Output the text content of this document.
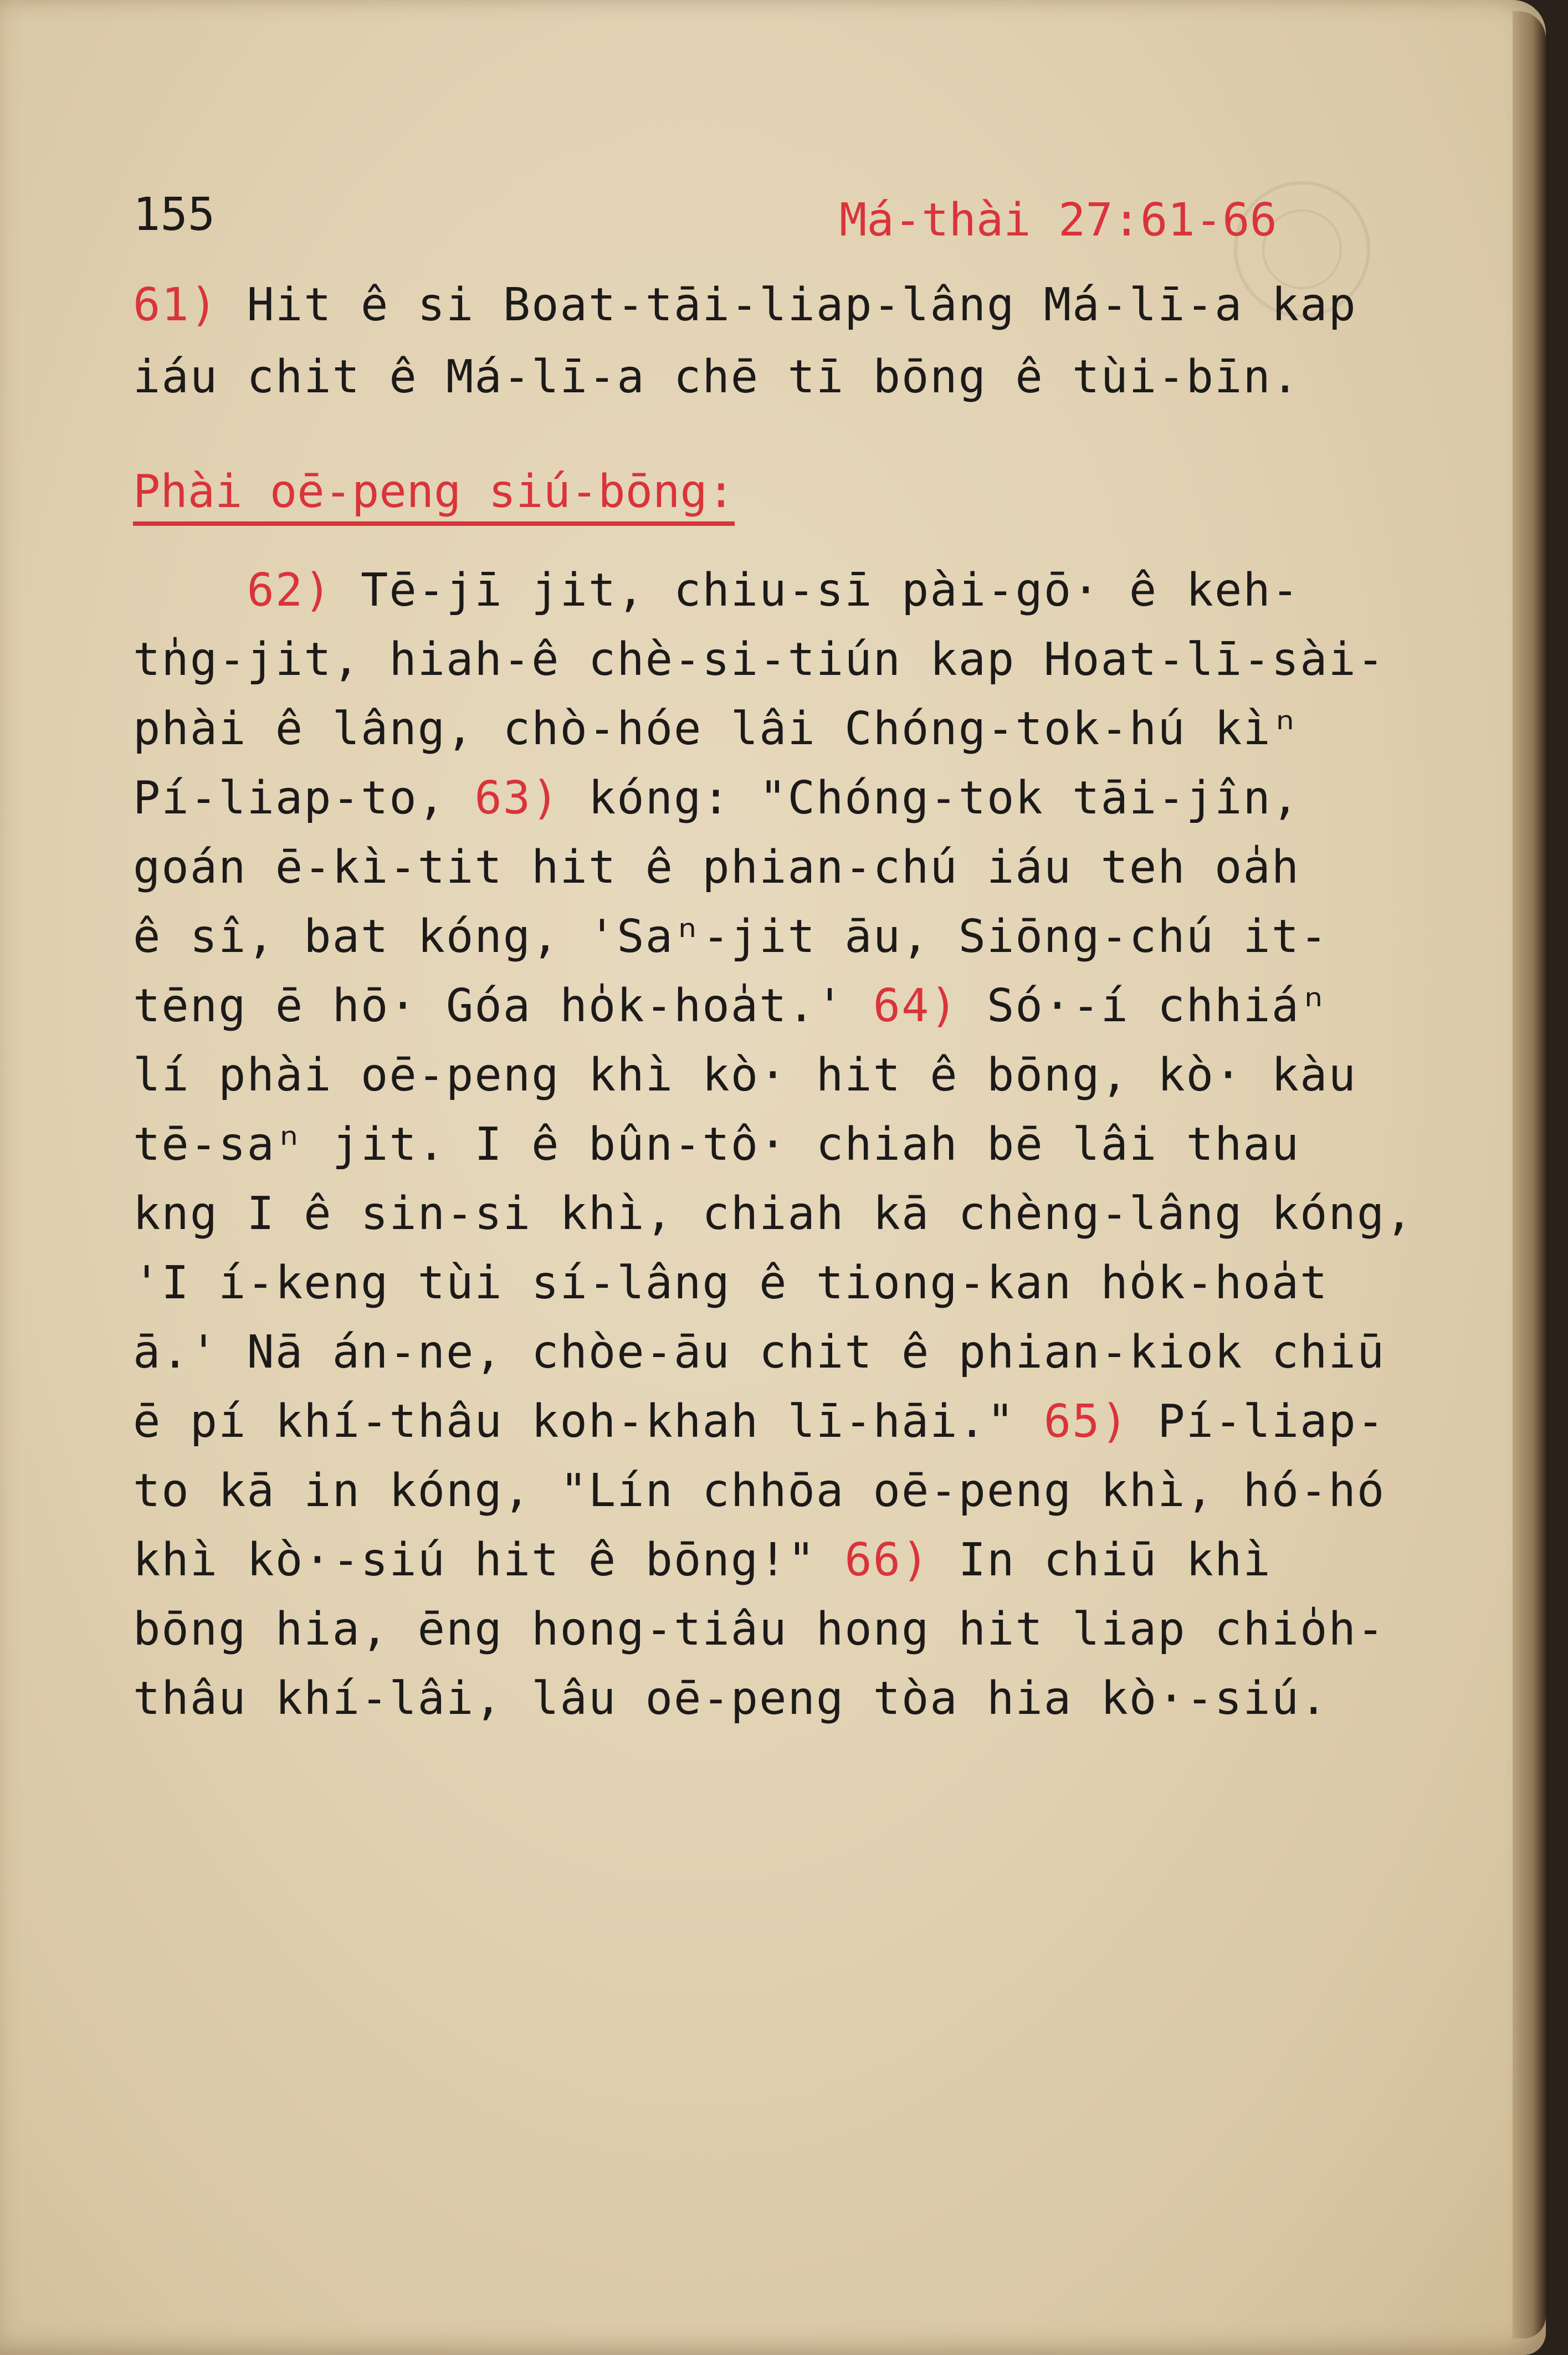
155	Má-thài 27:61-66
Phài oē-peng siú-bōng:
61) Hit ê si Boat-tāi-liap-lâng Má-lī-a kap
iáu chit ê Má-lī-a chē tī bōng ê tùi-bīn.
62) Tē-jī jit, chiu-sī pài-gō· ê keh-
tn̍g-jit, hiah-ê chè-si-tiún kap Hoat-lī-sài-
phài ê lâng, chò-hóe lâi Chóng-tok-hú kìⁿ
Pí-liap-to, 63) kóng: "Chóng-tok tāi-jîn,
goán ē-kì-tit hit ê phian-chú iáu teh oa̍h
ê sî, bat kóng, 'Saⁿ-jit āu, Siōng-chú it-
tēng ē hō· Góa ho̍k-hoa̍t.' 64) Só·-í chhiáⁿ
lí phài oē-peng khì kò· hit ê bōng, kò· kàu
tē-saⁿ jit. I ê bûn-tô· chiah bē lâi thau
kng I ê sin-si khì, chiah kā chèng-lâng kóng,
'I í-keng tùi sí-lâng ê tiong-kan ho̍k-hoa̍t
ā.' Nā án-ne, chòe-āu chit ê phian-kiok chiū
ē pí khí-thâu koh-khah lī-hāi." 65) Pí-liap-
to kā in kóng, "Lín chhōa oē-peng khì, hó-hó
khì kò·-siú hit ê bōng!" 66) In chiū khì
bōng hia, ēng hong-tiâu hong hit liap chio̍h-
thâu khí-lâi, lâu oē-peng tòa hia kò·-siú.
